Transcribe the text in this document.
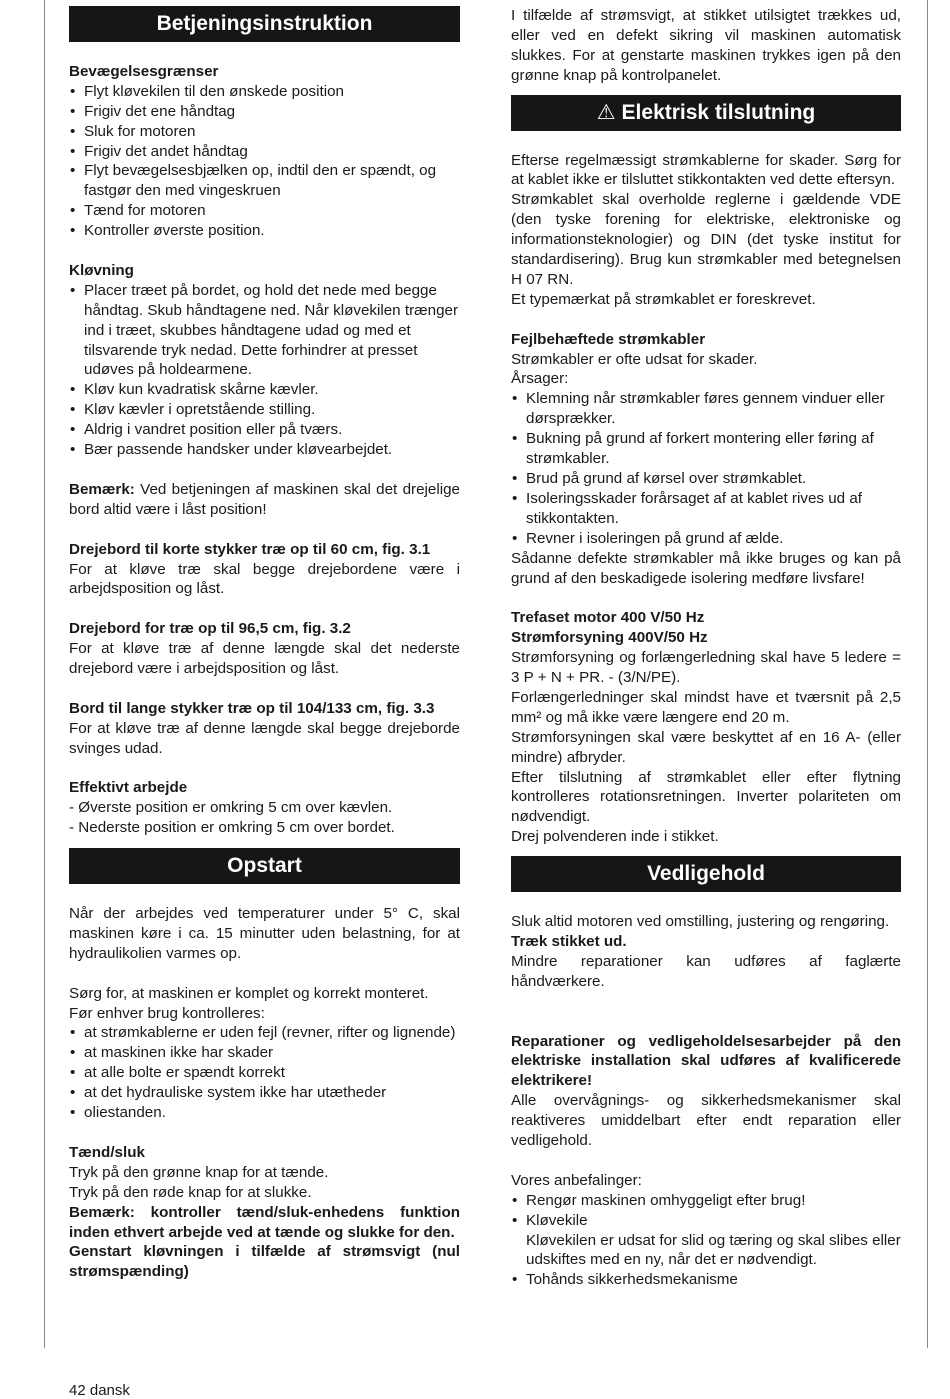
Betjeningsinstruktion

Bevægelsesgrænser

• Flyt kløvekilen til den ønskede position
• Frigiv det ene håndtag
• Sluk for motoren
• Frigiv det andet håndtag
• Flyt bevægelsesbjælken op, indtil den er spændt, og fastgør den med vingeskruen
• Tænd for motoren
• Kontroller øverste position.

Kløvning

• Placer træet på bordet, og hold det nede med begge håndtag. Skub håndtagene ned. Når kløvekilen trænger ind i træet, skubbes håndtagene udad og med et tilsvarende tryk nedad. Dette forhindrer at presset udøves på holdearmene.
• Kløv kun kvadratisk skårne kævler.
• Kløv kævler i opretstående stilling.
• Aldrig i vandret position eller på tværs.
• Bær passende handsker under kløvearbejdet.

Bemærk: Ved betjeningen af maskinen skal det drejelige bord altid være i låst position!

Drejebord til korte stykker træ op til 60 cm, fig. 3.1

For at kløve træ skal begge drejebordene være i arbejdsposition og låst.

Drejebord for træ op til 96,5 cm, fig. 3.2

For at kløve træ af denne længde skal det nederste drejebord være i arbejdsposition og låst.

Bord til lange stykker træ op til 104/133 cm, fig. 3.3

For at kløve træ af denne længde skal begge drejeborde svinges udad.

Effektivt arbejde

- Øverste position er omkring 5 cm over kævlen.

- Nederste position er omkring 5 cm over bordet.

Opstart

Når der arbejdes ved temperaturer under 5° C, skal maskinen køre i ca. 15 minutter uden belastning, for at hydraulikolien varmes op.

Sørg for, at maskinen er komplet og korrekt monteret.

Før enhver brug kontrolleres:

• at strømkablerne er uden fejl (revner, rifter og lignende)
• at maskinen ikke har skader
• at alle bolte er spændt korrekt
• at det hydrauliske system ikke har utætheder
• oliestanden.

Tænd/sluk

Tryk på den grønne knap for at tænde.

Tryk på den røde knap for at slukke.

Bemærk: kontroller tænd/sluk-enhedens funktion inden ethvert arbejde ved at tænde og slukke for den.

Genstart kløvningen i tilfælde af strømsvigt (nul strømspænding)

I tilfælde af strømsvigt, at stikket utilsigtet trækkes ud, eller ved en defekt sikring vil maskinen automatisk slukkes. For at genstarte maskinen trykkes igen på den grønne knap på kontrolpanelet.

⚠ Elektrisk tilslutning

Efterse regelmæssigt strømkablerne for skader. Sørg for at kablet ikke er tilsluttet stikkontakten ved dette eftersyn.

Strømkablet skal overholde reglerne i gældende VDE (den tyske forening for elektriske, elektroniske og informationsteknologier) og DIN (det tyske institut for standardisering). Brug kun strømkabler med betegnelsen H 07 RN.

Et typemærkat på strømkablet er foreskrevet.

Fejlbehæftede strømkabler

Strømkabler er ofte udsat for skader.

Årsager:

• Klemning når strømkabler føres gennem vinduer eller dørsprækker.
• Bukning på grund af forkert montering eller føring af strømkabler.
• Brud på grund af kørsel over strømkablet.
• Isoleringsskader forårsaget af at kablet rives ud af stikkontakten.
• Revner i isoleringen på grund af ælde.

Sådanne defekte strømkabler må ikke bruges og kan på grund af den beskadigede isolering medføre livsfare!

Trefaset motor 400 V/50 Hz

Strømforsyning 400V/50 Hz

Strømforsyning og forlængerledning skal have 5 ledere = 3 P + N + PR. - (3/N/PE).

Forlængerledninger skal mindst have et tværsnit på 2,5 mm² og må ikke være længere end 20 m.

Strømforsyningen skal være beskyttet af en 16 A- (eller mindre) afbryder.

Efter tilslutning af strømkablet eller efter flytning kontrolleres rotationsretningen. Inverter polariteten om nødvendigt.

Drej polvenderen inde i stikket.

Vedligehold

Sluk altid motoren ved omstilling, justering og rengøring.

Træk stikket ud.

Mindre reparationer kan udføres af faglærte håndværkere.

Reparationer og vedligeholdelsesarbejder på den elektriske installation skal udføres af kvalificerede elektrikere!

Alle overvågnings- og sikkerhedsmekanismer skal reaktiveres umiddelbart efter endt reparation eller vedligehold.

Vores anbefalinger:

• Rengør maskinen omhyggeligt efter brug!
• Kløvekile
Kløvekilen er udsat for slid og tæring og skal slibes eller udskiftes med en ny, når det er nødvendigt.
• Tohånds sikkerhedsmekanisme
42 dansk
